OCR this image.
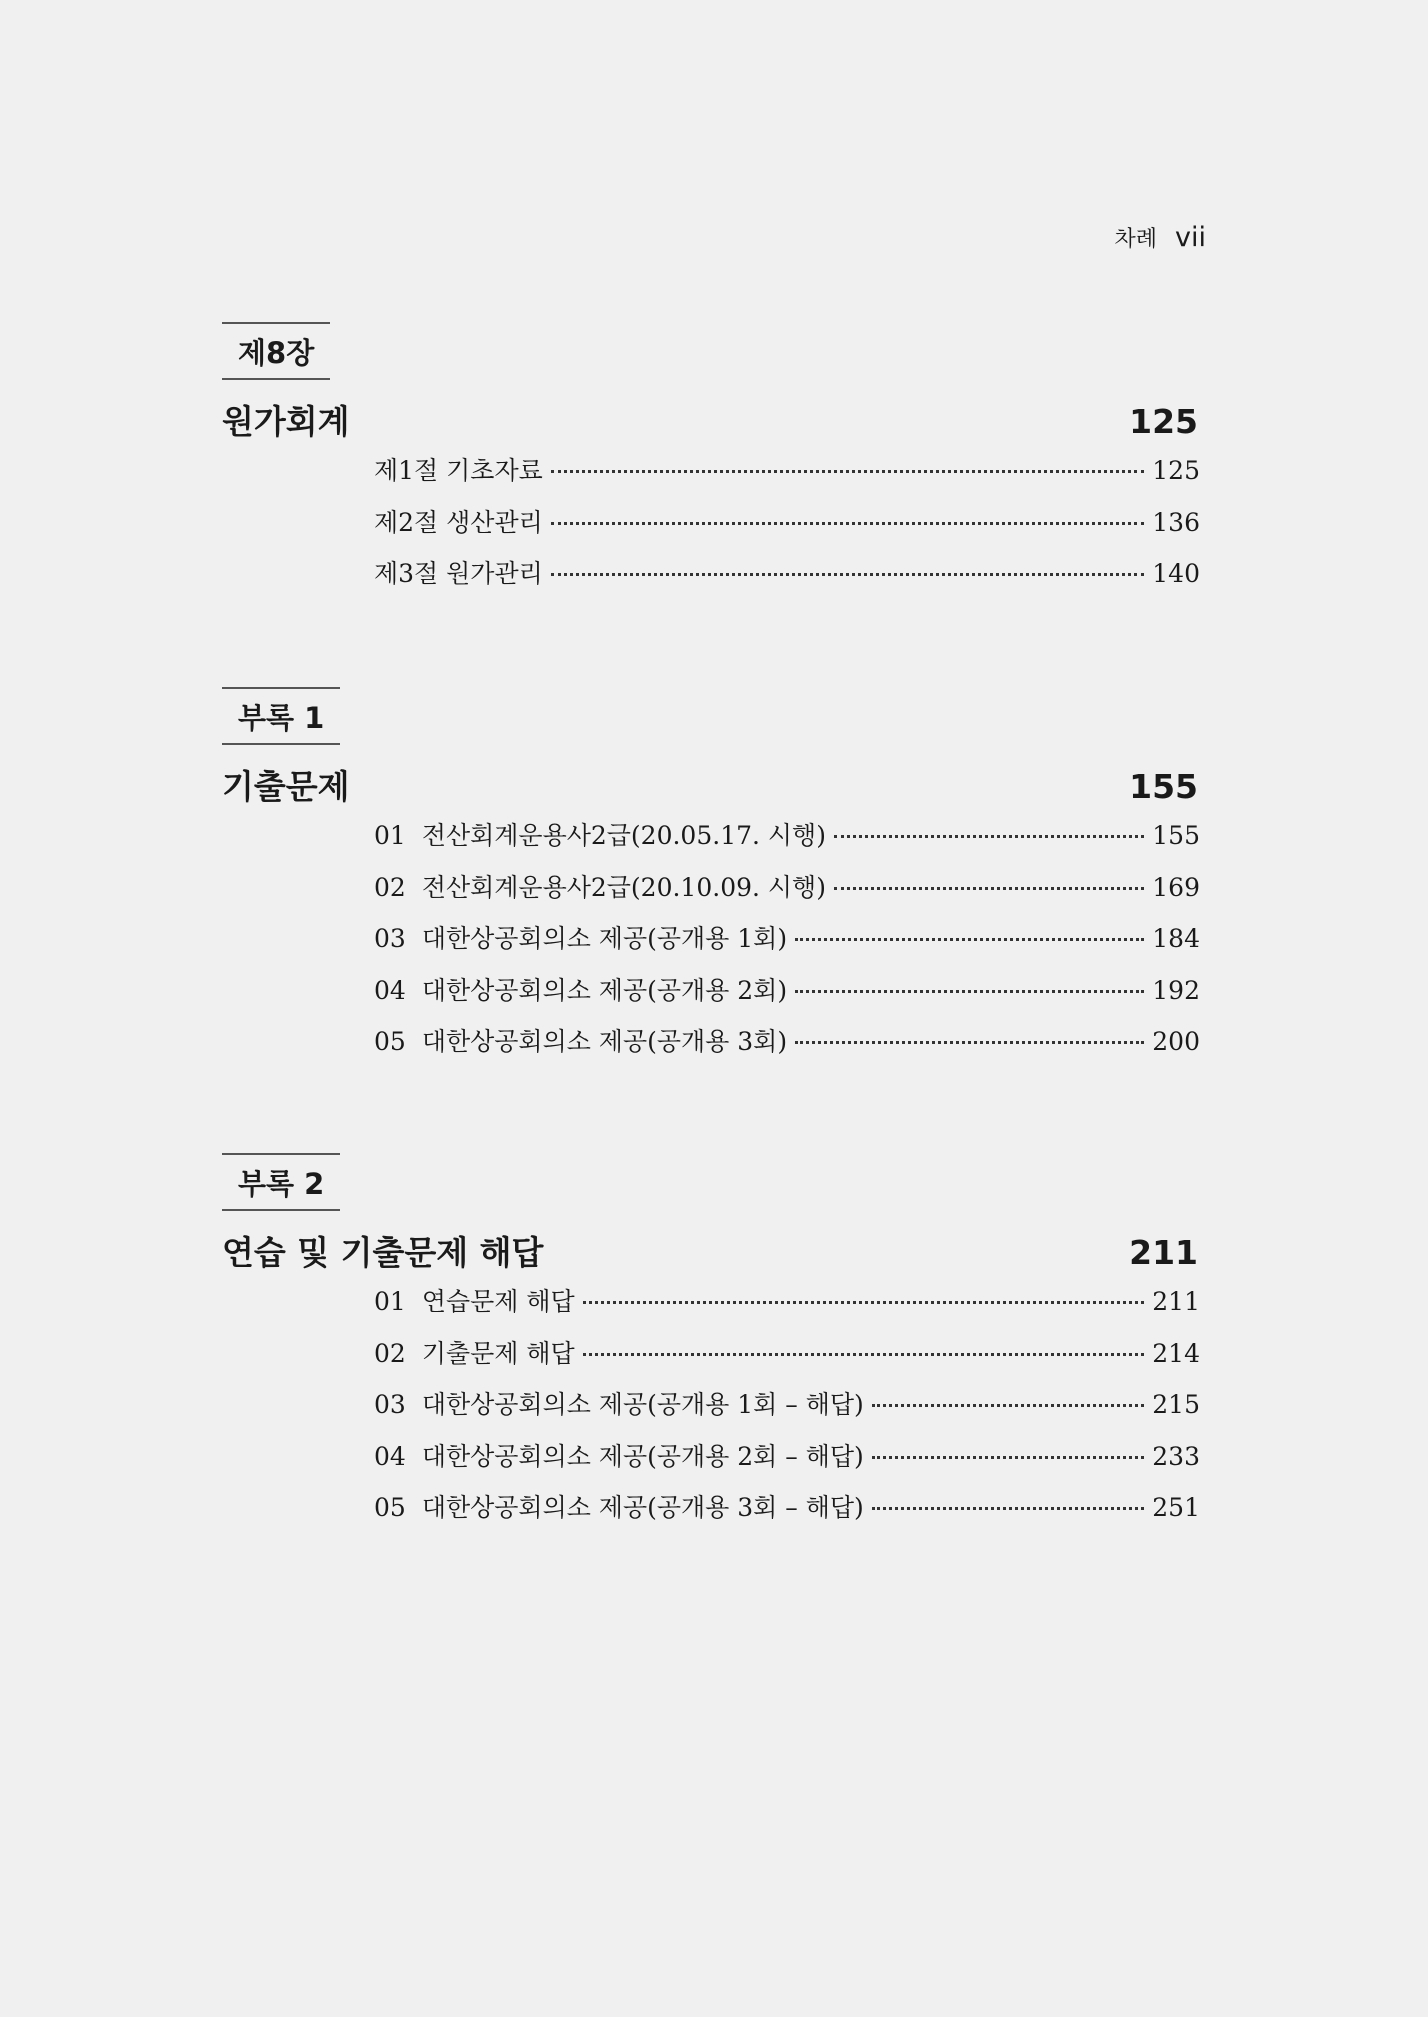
차례 vii
제8장
원가회계	125
제1절 기초자료	125
제2절 생산관리	136
제3절 원가관리	140
부록 1
기출문제	155
01 전산회계운용사2급(20.05.17. 시행)	155
02 전산회계운용사2급(20.10.09. 시행)	169
03 대한상공회의소 제공(공개용 1회)	184
04 대한상공회의소 제공(공개용 2회)	192
05 대한상공회의소 제공(공개용 3회)	200
부록 2
연습 및 기출문제 해답	211
01 연습문제 해답	211
02 기출문제 해답	214
03 대한상공회의소 제공(공개용 1회 – 해답)	215
04 대한상공회의소 제공(공개용 2회 – 해답)	233
05 대한상공회의소 제공(공개용 3회 – 해답)	251
